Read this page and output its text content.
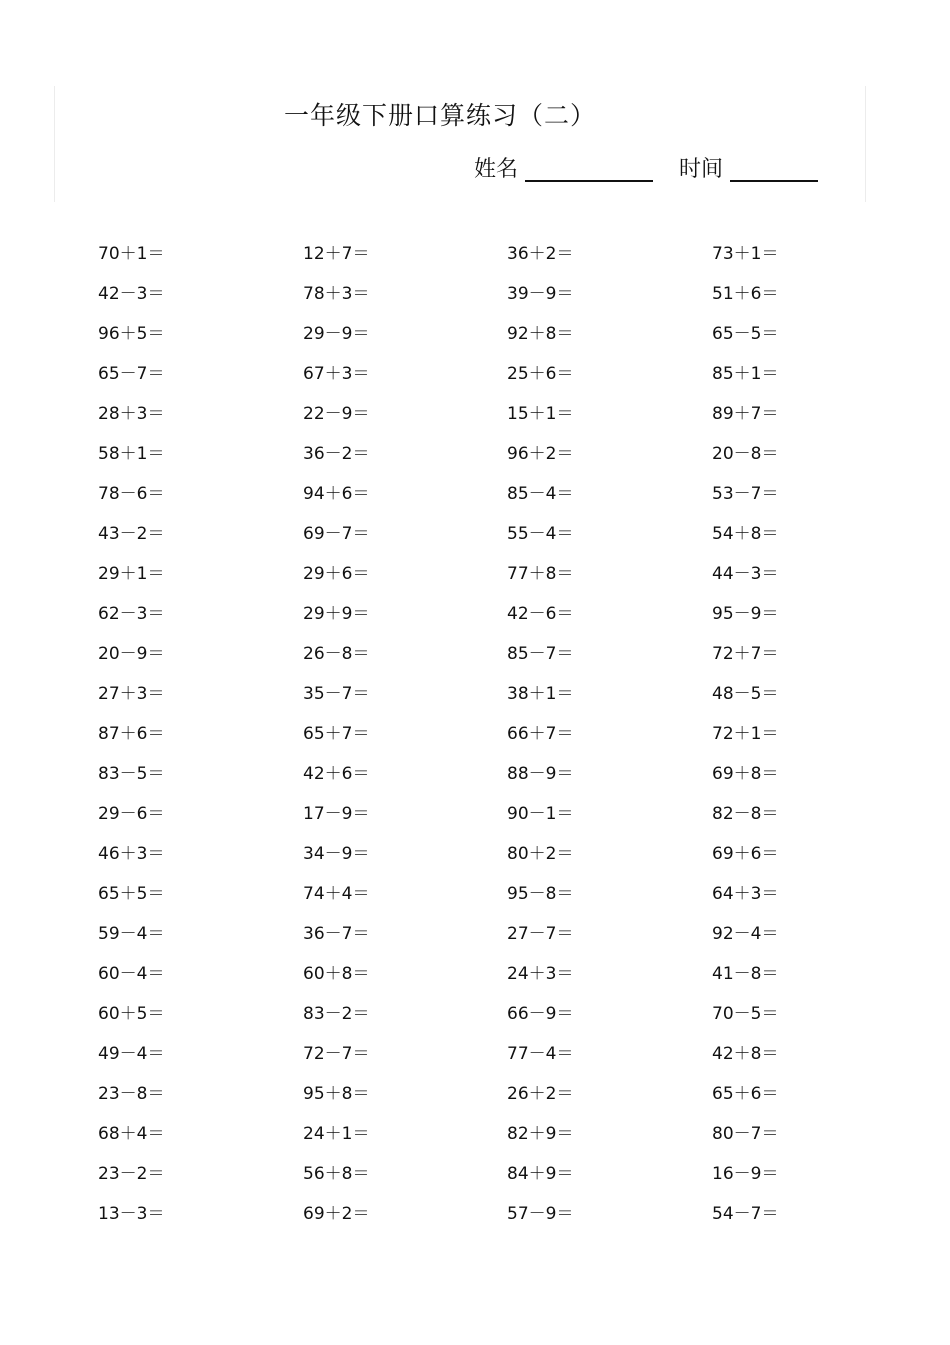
一年级下册口算练习（二）
姓名	时间
70＋1＝	12＋7＝	36＋2＝	73＋1＝
42－3＝	78＋3＝	39－9＝	51＋6＝
96＋5＝	29－9＝	92＋8＝	65－5＝
65－7＝	67＋3＝	25＋6＝	85＋1＝
28＋3＝	22－9＝	15＋1＝	89＋7＝
58＋1＝	36－2＝	96＋2＝	20－8＝
78－6＝	94＋6＝	85－4＝	53－7＝
43－2＝	69－7＝	55－4＝	54＋8＝
29＋1＝	29＋6＝	77＋8＝	44－3＝
62－3＝	29＋9＝	42－6＝	95－9＝
20－9＝	26－8＝	85－7＝	72＋7＝
27＋3＝	35－7＝	38＋1＝	48－5＝
87＋6＝	65＋7＝	66＋7＝	72＋1＝
83－5＝	42＋6＝	88－9＝	69＋8＝
29－6＝	17－9＝	90－1＝	82－8＝
46＋3＝	34－9＝	80＋2＝	69＋6＝
65＋5＝	74＋4＝	95－8＝	64＋3＝
59－4＝	36－7＝	27－7＝	92－4＝
60－4＝	60＋8＝	24＋3＝	41－8＝
60＋5＝	83－2＝	66－9＝	70－5＝
49－4＝	72－7＝	77－4＝	42＋8＝
23－8＝	95＋8＝	26＋2＝	65＋6＝
68＋4＝	24＋1＝	82＋9＝	80－7＝
23－2＝	56＋8＝	84＋9＝	16－9＝
13－3＝	69＋2＝	57－9＝	54－7＝
